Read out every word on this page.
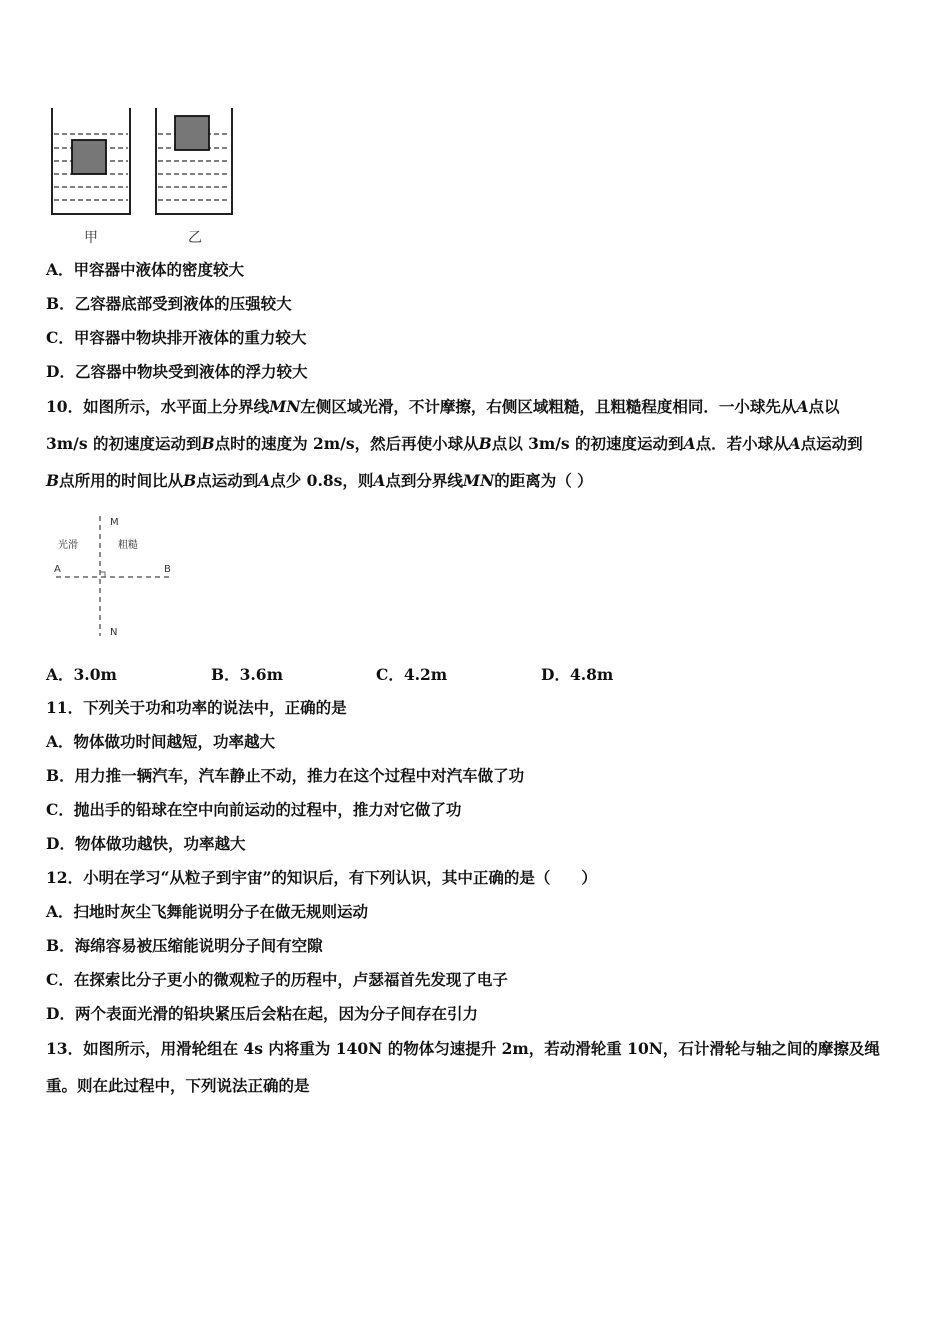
甲	乙

A．甲容器中液体的密度较大

B．乙容器底部受到液体的压强较大

C．甲容器中物块排开液体的重力较大

D．乙容器中物块受到液体的浮力较大

10．如图所示，水平面上分界线MN左侧区域光滑，不计摩擦，右侧区域粗糙，且粗糙程度相同．一小球先从A点以

3m/s 的初速度运动到B点时的速度为 2m/s，然后再使小球从B点以 3m/s 的初速度运动到A点．若小球从A点运动到

B点所用的时间比从B点运动到A点少 0.8s，则A点到分界线MN的距离为（ ）

光滑	粗糙
A	B
M
N
A．3.0m	B．3.6m	C．4.2m	D．4.8m

11．下列关于功和功率的说法中，正确的是

A．物体做功时间越短，功率越大

B．用力推一辆汽车，汽车静止不动，推力在这个过程中对汽车做了功

C．抛出手的铅球在空中向前运动的过程中，推力对它做了功

D．物体做功越快，功率越大

12．小明在学习“从粒子到宇宙”的知识后，有下列认识，其中正确的是（　　）

A．扫地时灰尘飞舞能说明分子在做无规则运动

B．海绵容易被压缩能说明分子间有空隙

C．在探索比分子更小的微观粒子的历程中，卢瑟福首先发现了电子

D．两个表面光滑的铅块紧压后会粘在起，因为分子间存在引力

13．如图所示，用滑轮组在 4s 内将重为 140N 的物体匀速提升 2m，若动滑轮重 10N，石计滑轮与轴之间的摩擦及绳

重。则在此过程中，下列说法正确的是
